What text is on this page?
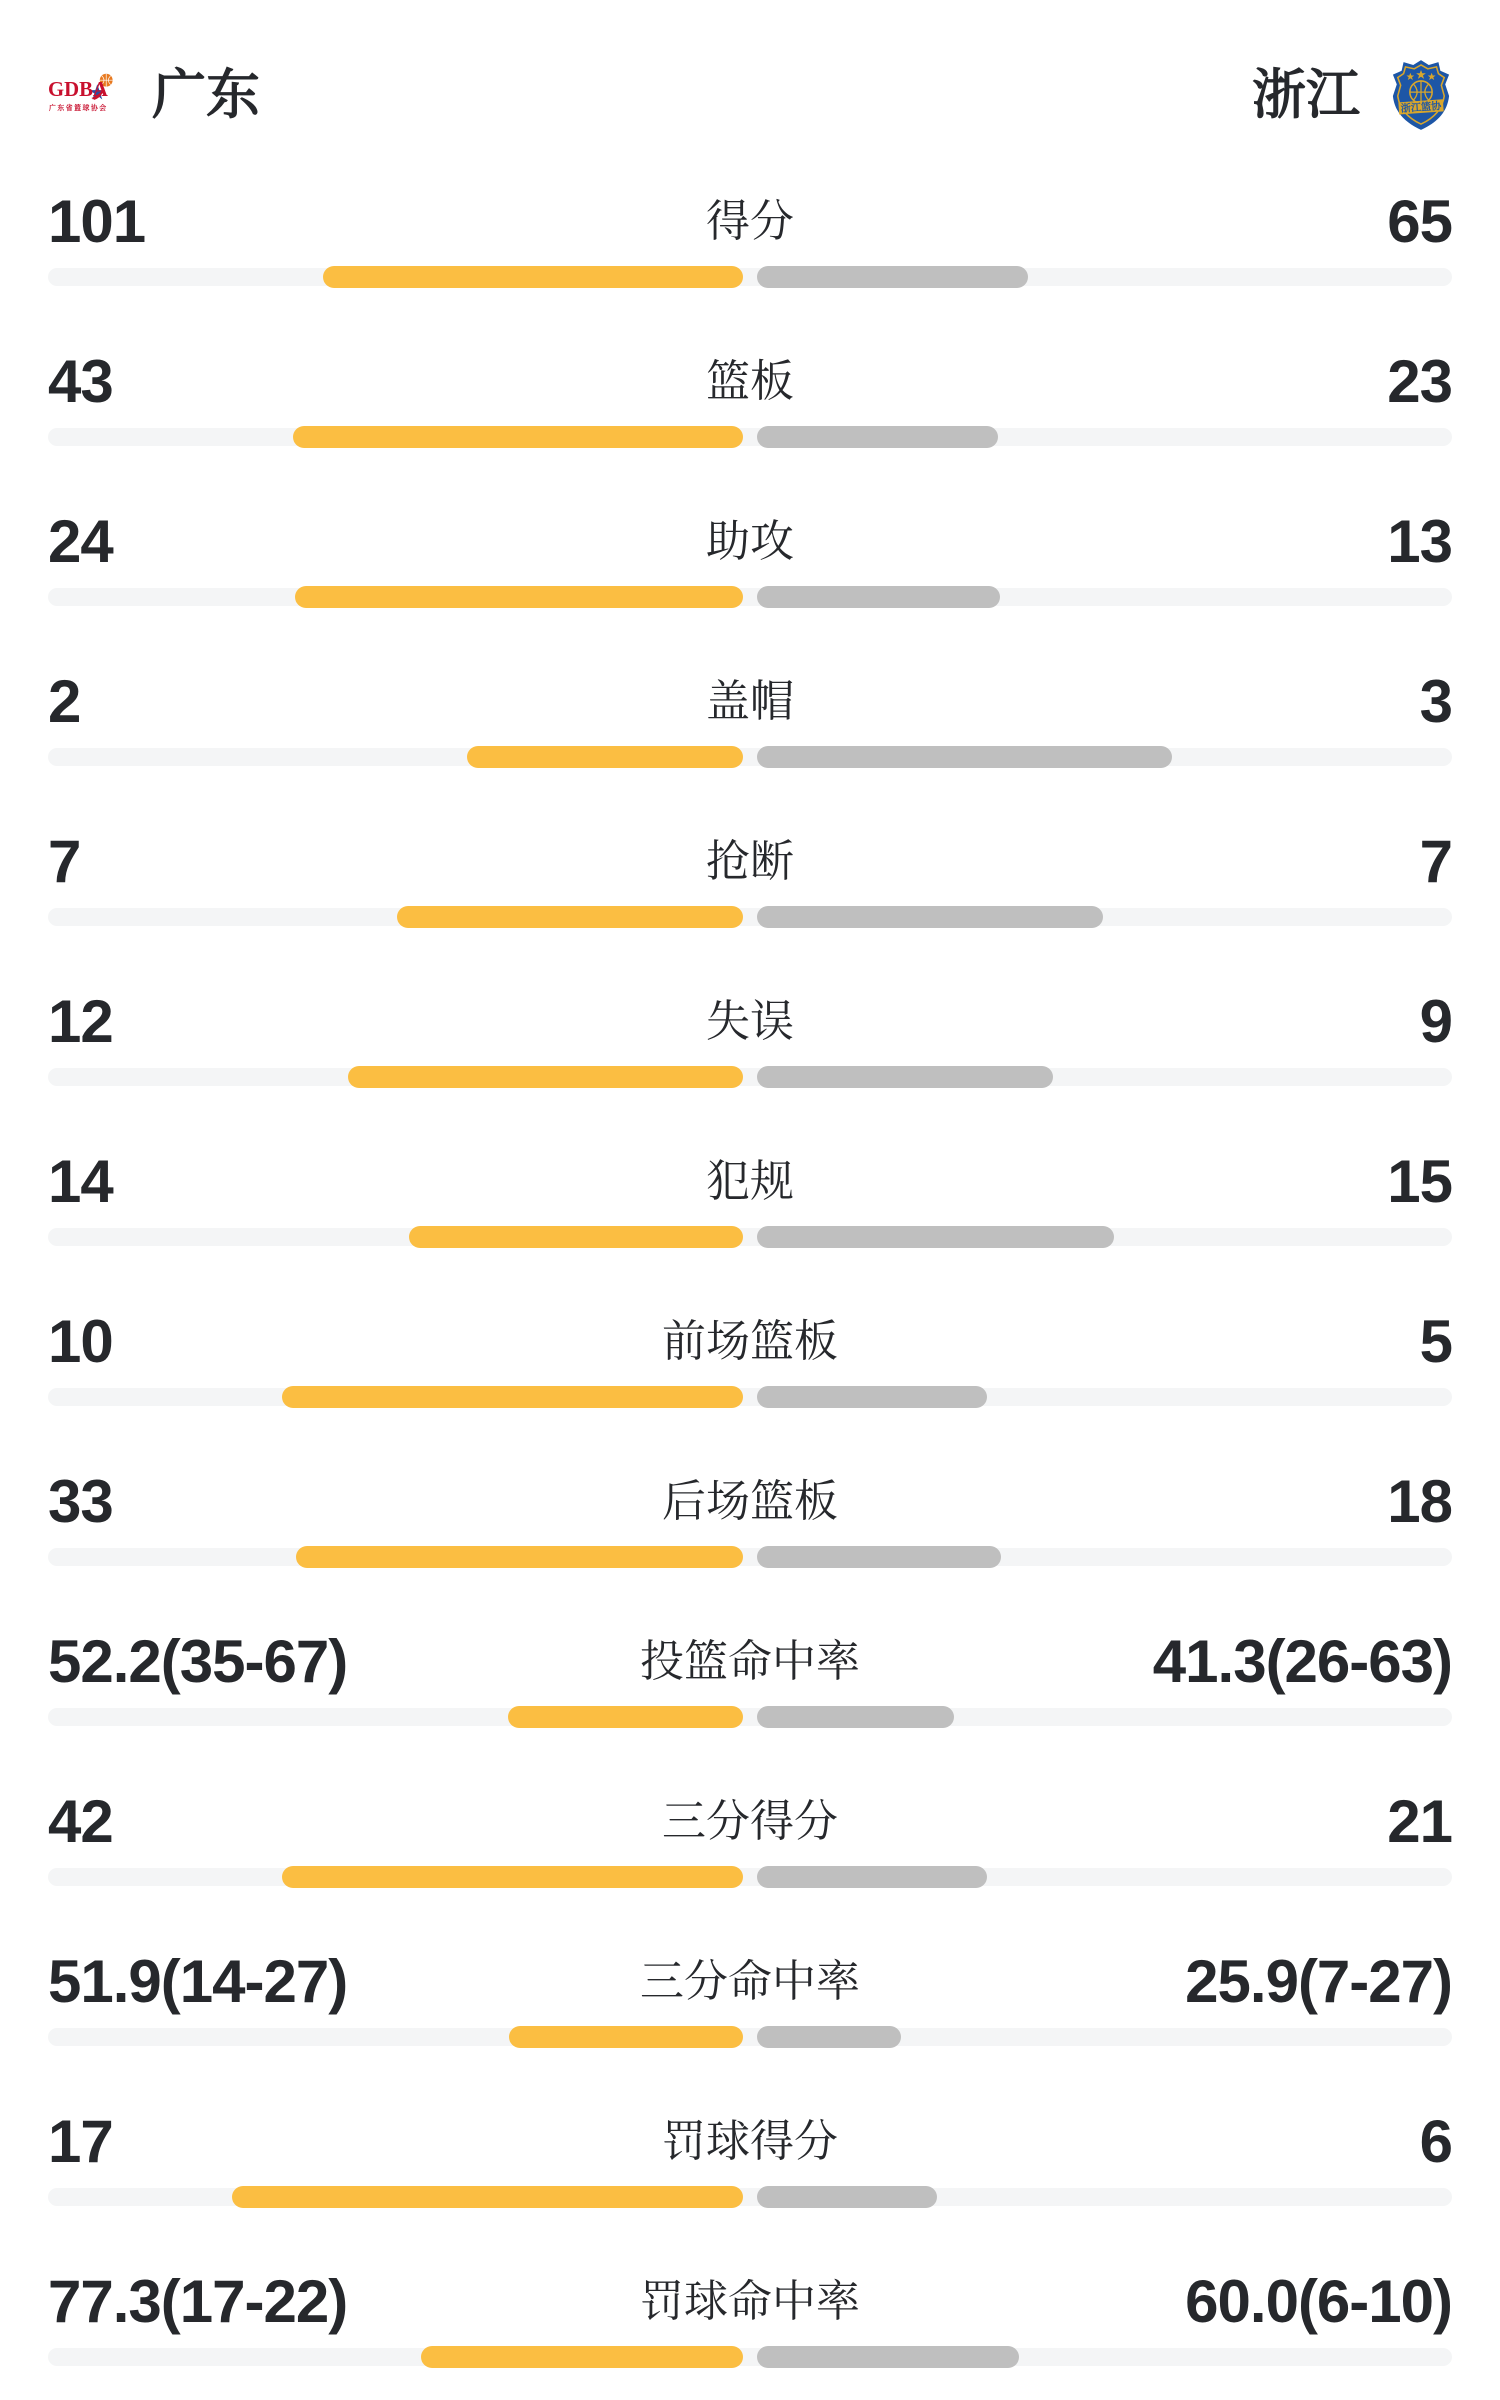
GDBA
广东省篮球协会 广东	浙江	浙江篮协
101	得分	65
43	篮板	23
24	助攻	13
2	盖帽	3
7	抢断	7
12	失误	9
14	犯规	15
10	前场篮板	5
33	后场篮板	18
52.2(35-67)	投篮命中率	41.3(26-63)
42	三分得分	21
51.9(14-27)	三分命中率	25.9(7-27)
17	罚球得分	6
77.3(17-22)	罚球命中率	60.0(6-10)
